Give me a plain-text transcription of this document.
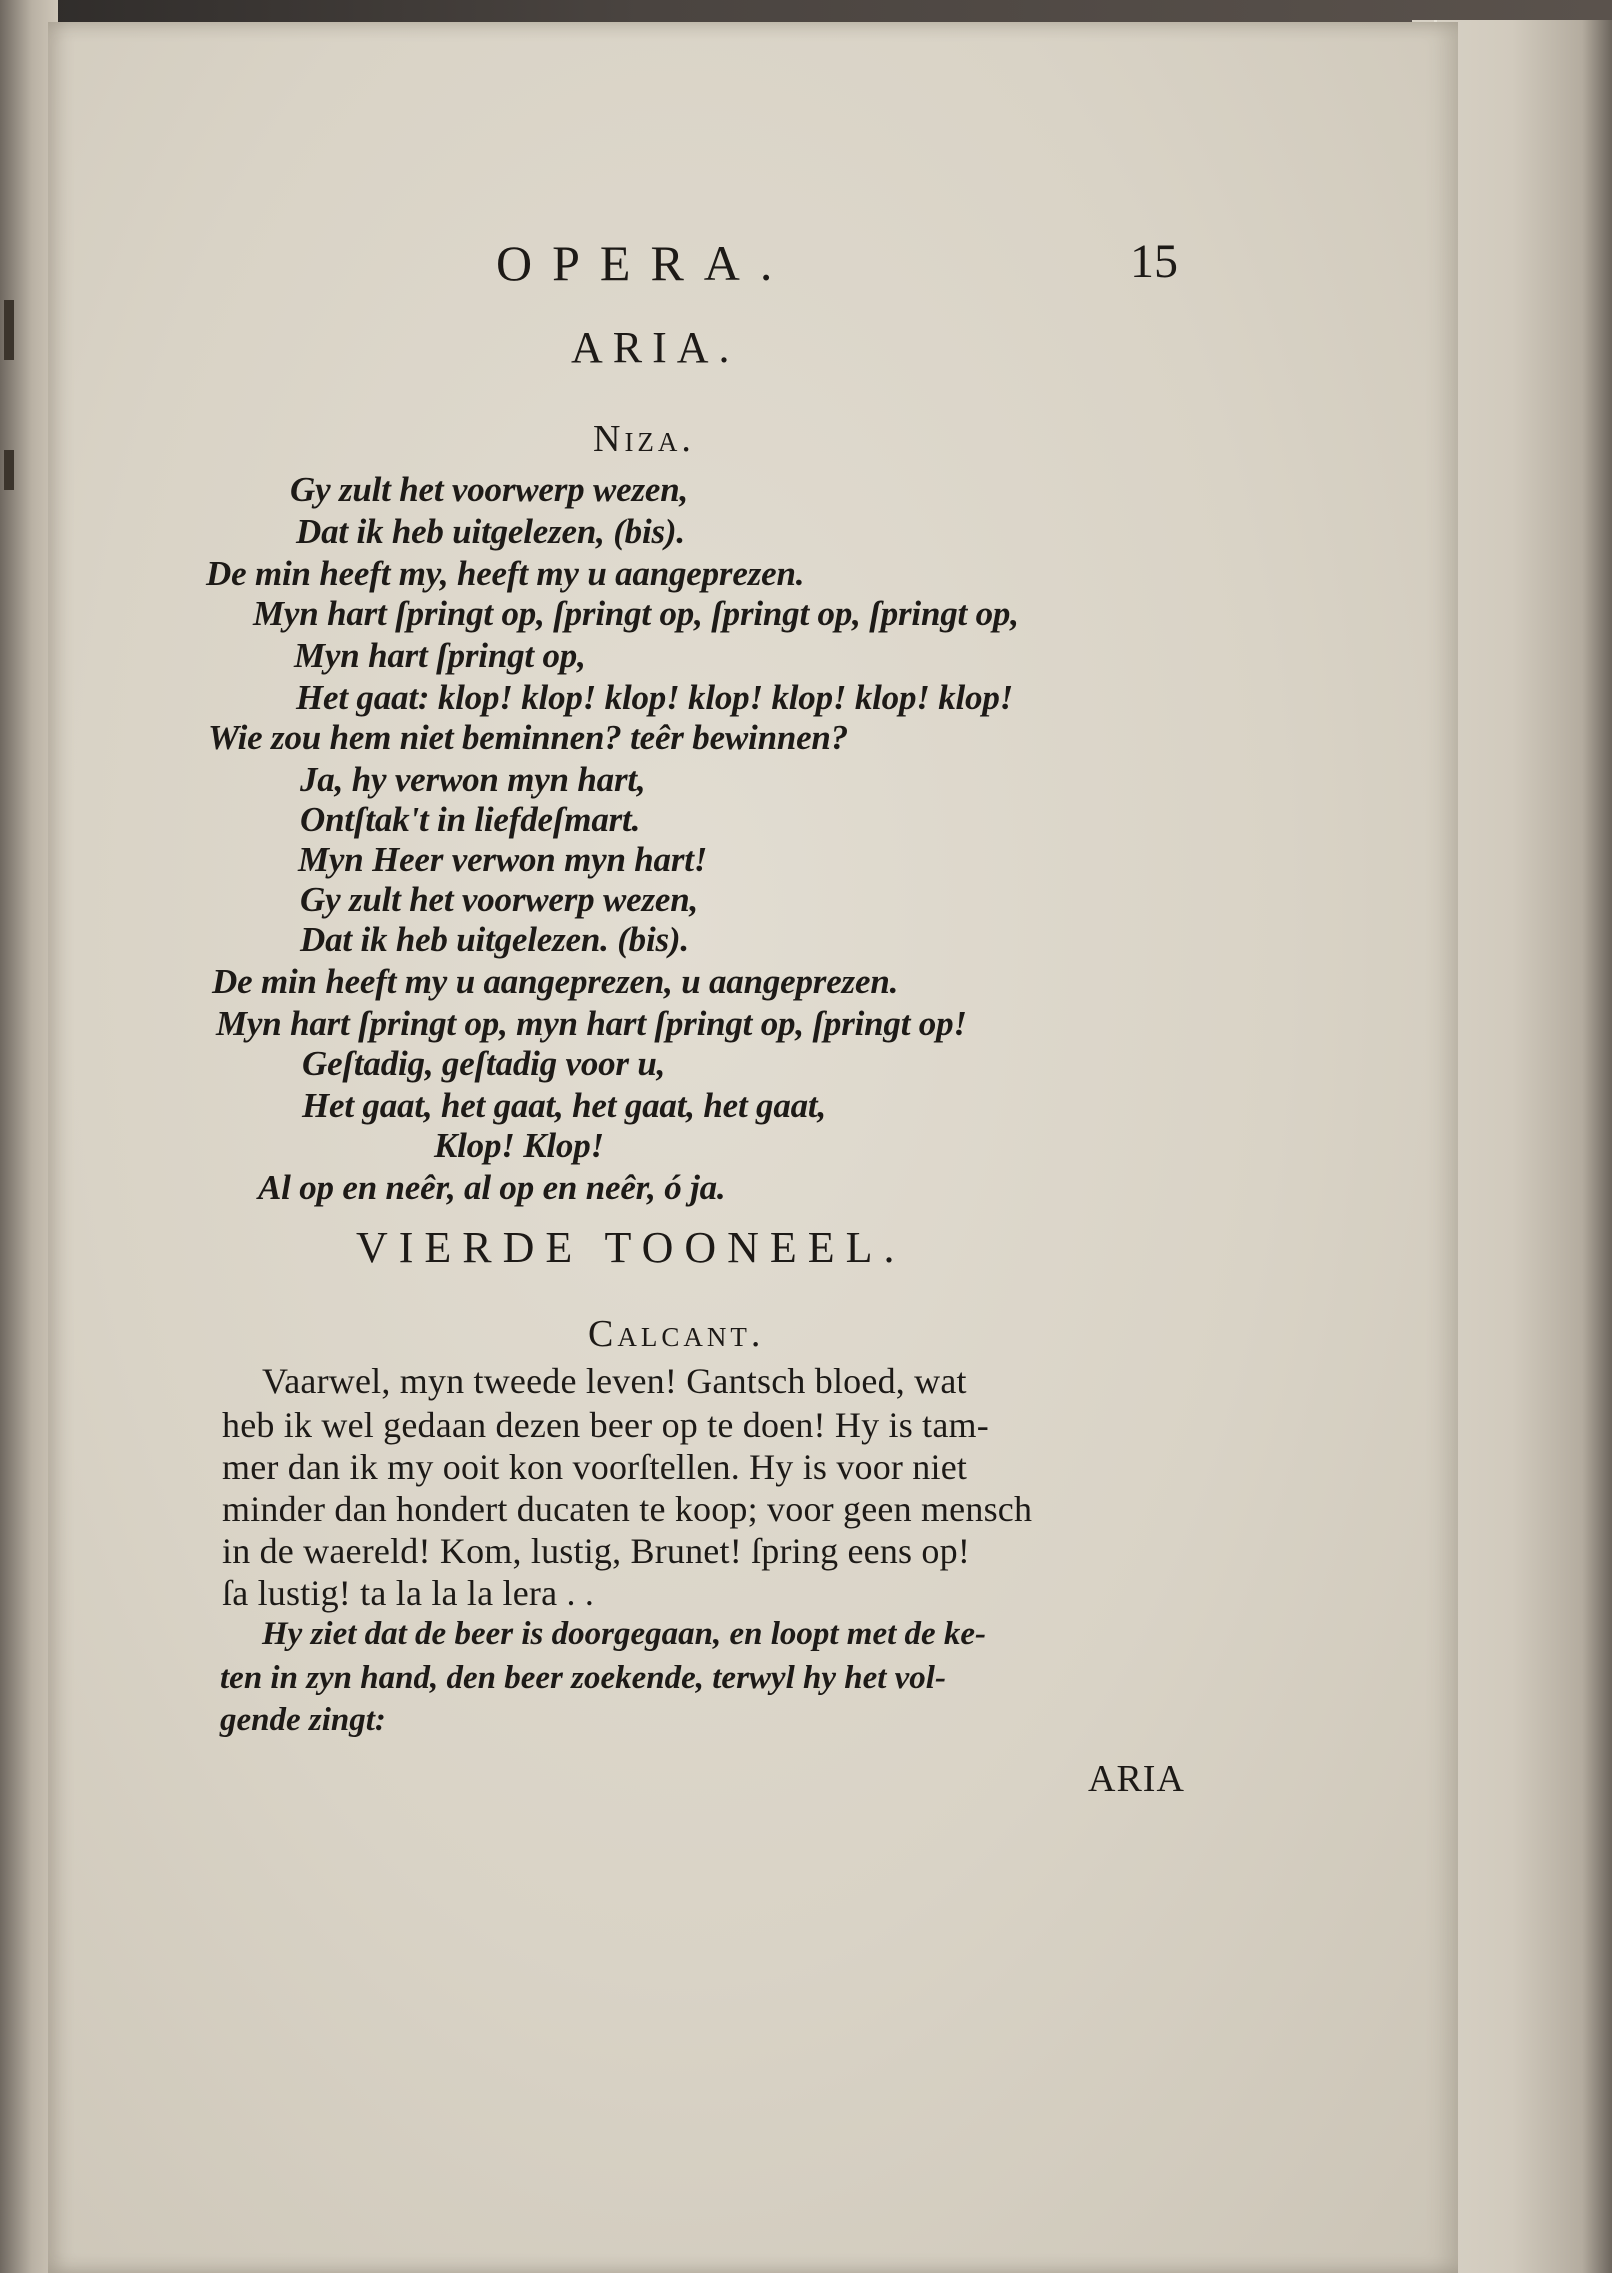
OPERA.	15
ARIA.
Niza.
Gy zult het voorwerp wezen,
Dat ik heb uitgelezen, (bis).
De min heeft my, heeft my u aangeprezen.
Myn hart ſpringt op, ſpringt op, ſpringt op, ſpringt op,
Myn hart ſpringt op,
Het gaat: klop! klop! klop! klop! klop! klop! klop!
Wie zou hem niet beminnen? teêr bewinnen?
Ja, hy verwon myn hart,
Ontſtak't in liefdeſmart.
Myn Heer verwon myn hart!
Gy zult het voorwerp wezen,
Dat ik heb uitgelezen. (bis).
De min heeft my u aangeprezen, u aangeprezen.
Myn hart ſpringt op, myn hart ſpringt op, ſpringt op!
Geſtadig, geſtadig voor u,
Het gaat, het gaat, het gaat, het gaat,
Klop! Klop!
Al op en neêr, al op en neêr, ó ja.
VIERDE TOONEEL.
Calcant.
Vaarwel, myn tweede leven! Gantsch bloed, wat
heb ik wel gedaan dezen beer op te doen! Hy is tam-
mer dan ik my ooit kon voorſtellen. Hy is voor niet
minder dan hondert ducaten te koop; voor geen mensch
in de waereld! Kom, lustig, Brunet! ſpring eens op!
ſa lustig! ta la la la lera . .
Hy ziet dat de beer is doorgegaan, en loopt met de ke-
ten in zyn hand, den beer zoekende, terwyl hy het vol-
gende zingt:
ARIA
